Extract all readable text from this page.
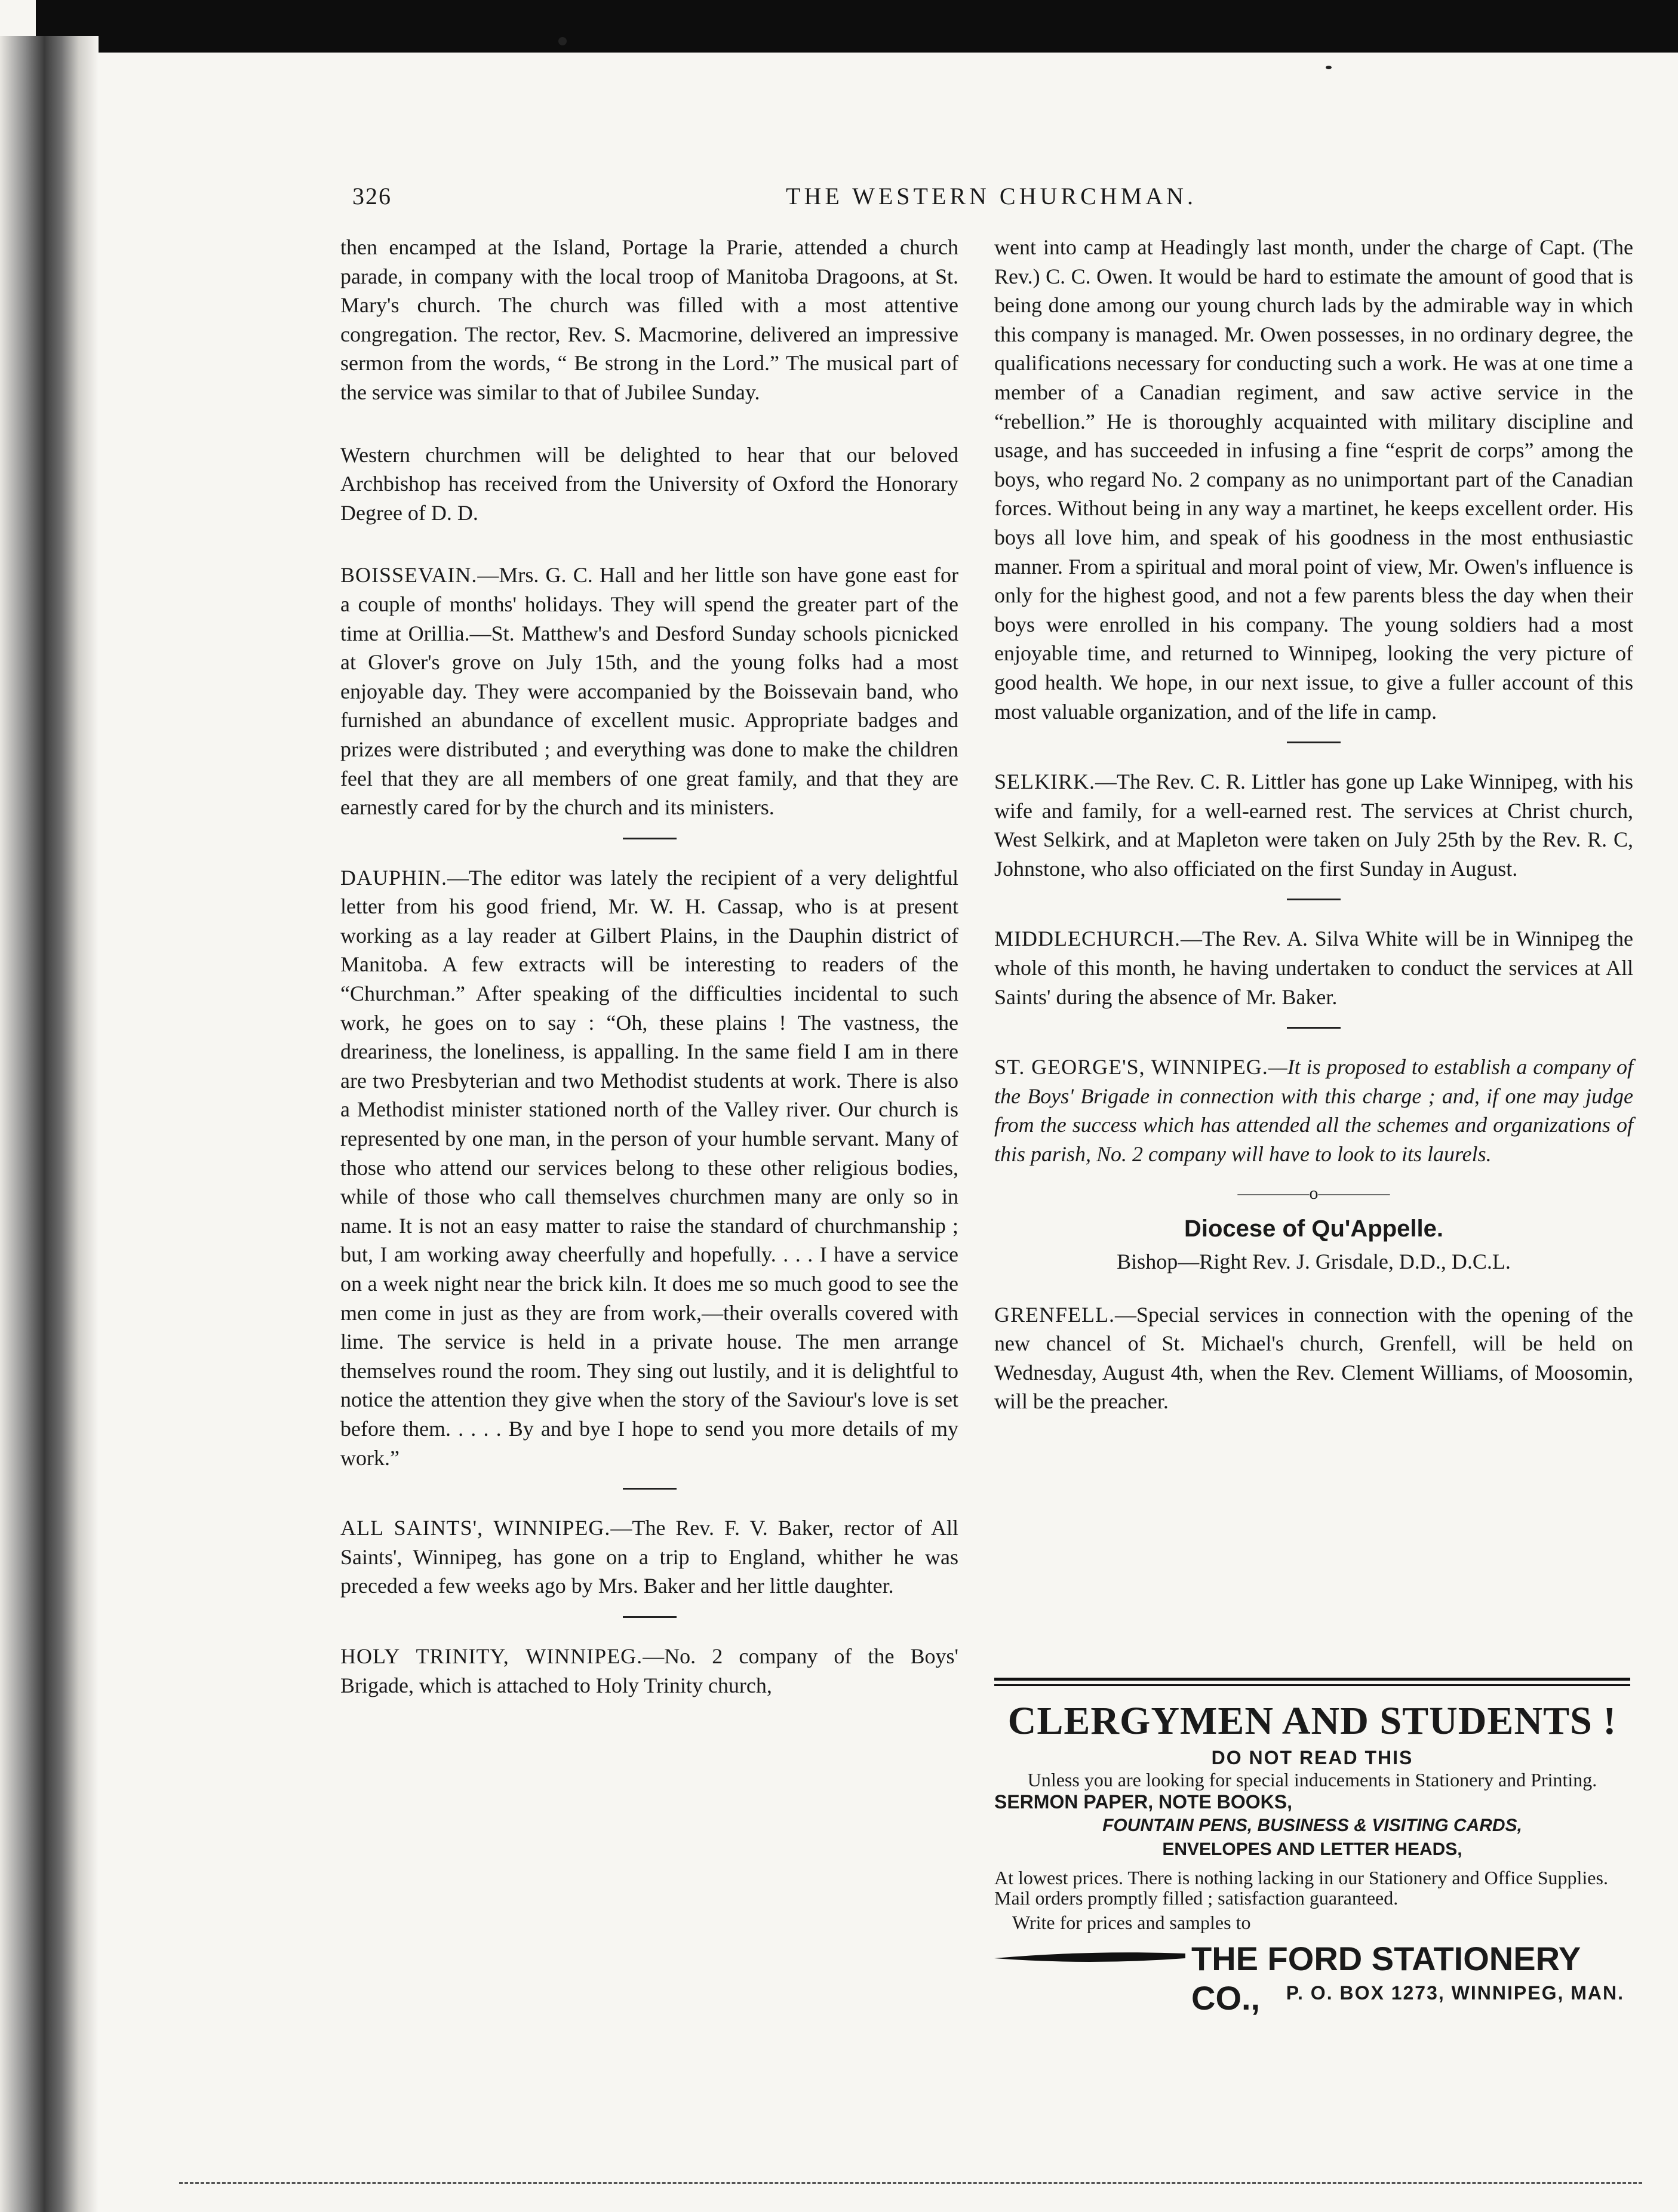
326	THE WESTERN CHURCHMAN.

then encamped at the Island, Portage la Prarie, attended a church parade, in company with the local troop of Manitoba Dragoons, at St. Mary's church. The church was filled with a most attentive congregation. The rector, Rev. S. Macmorine, delivered an impressive sermon from the words, “ Be strong in the Lord.” The musical part of the service was similar to that of Jubilee Sunday.

Western churchmen will be delighted to hear that our beloved Archbishop has received from the University of Oxford the Honorary Degree of D. D.

BOISSEVAIN.—Mrs. G. C. Hall and her little son have gone east for a couple of months' holidays. They will spend the greater part of the time at Orillia.—St. Matthew's and Desford Sunday schools picnicked at Glover's grove on July 15th, and the young folks had a most enjoyable day. They were accompanied by the Boissevain band, who furnished an abundance of excellent music. Appropriate badges and prizes were distributed ; and everything was done to make the children feel that they are all members of one great family, and that they are earnestly cared for by the church and its ministers.

DAUPHIN.—The editor was lately the recipient of a very delightful letter from his good friend, Mr. W. H. Cassap, who is at present working as a lay reader at Gilbert Plains, in the Dauphin district of Manitoba. A few extracts will be interesting to readers of the “Churchman.” After speaking of the difficulties incidental to such work, he goes on to say : “Oh, these plains ! The vastness, the dreariness, the loneliness, is appalling. In the same field I am in there are two Presbyterian and two Methodist students at work. There is also a Methodist minister stationed north of the Valley river. Our church is represented by one man, in the person of your humble servant. Many of those who attend our services belong to these other religious bodies, while of those who call themselves churchmen many are only so in name. It is not an easy matter to raise the standard of churchmanship ; but, I am working away cheerfully and hopefully. . . . I have a service on a week night near the brick kiln. It does me so much good to see the men come in just as they are from work,—their overalls covered with lime. The service is held in a private house. The men arrange themselves round the room. They sing out lustily, and it is delightful to notice the attention they give when the story of the Saviour's love is set before them. . . . . By and bye I hope to send you more details of my work.”

ALL SAINTS', WINNIPEG.—The Rev. F. V. Baker, rector of All Saints', Winnipeg, has gone on a trip to England, whither he was preceded a few weeks ago by Mrs. Baker and her little daughter.

HOLY TRINITY, WINNIPEG.—No. 2 company of the Boys' Brigade, which is attached to Holy Trinity church,

went into camp at Headingly last month, under the charge of Capt. (The Rev.) C. C. Owen. It would be hard to estimate the amount of good that is being done among our young church lads by the admirable way in which this company is managed. Mr. Owen possesses, in no ordinary degree, the qualifications necessary for conducting such a work. He was at one time a member of a Canadian regiment, and saw active service in the “rebellion.” He is thoroughly acquainted with military discipline and usage, and has succeeded in infusing a fine “esprit de corps” among the boys, who regard No. 2 company as no unimportant part of the Canadian forces. Without being in any way a martinet, he keeps excellent order. His boys all love him, and speak of his goodness in the most enthusiastic manner. From a spiritual and moral point of view, Mr. Owen's influence is only for the highest good, and not a few parents bless the day when their boys were enrolled in his company. The young soldiers had a most enjoyable time, and returned to Winnipeg, looking the very picture of good health. We hope, in our next issue, to give a fuller account of this most valuable organization, and of the life in camp.

SELKIRK.—The Rev. C. R. Littler has gone up Lake Winnipeg, with his wife and family, for a well-earned rest. The services at Christ church, West Selkirk, and at Mapleton were taken on July 25th by the Rev. R. C, Johnstone, who also officiated on the first Sunday in August.

MIDDLECHURCH.—The Rev. A. Silva White will be in Winnipeg the whole of this month, he having undertaken to conduct the services at All Saints' during the absence of Mr. Baker.

ST. GEORGE'S, WINNIPEG.—It is proposed to establish a company of the Boys' Brigade in connection with this charge ; and, if one may judge from the success which has attended all the schemes and organizations of this parish, No. 2 company will have to look to its laurels.

————o————
Diocese of Qu'Appelle.
Bishop—Right Rev. J. Grisdale, D.D., D.C.L.

GRENFELL.—Special services in connection with the opening of the new chancel of St. Michael's church, Grenfell, will be held on Wednesday, August 4th, when the Rev. Clement Williams, of Moosomin, will be the preacher.

CLERGYMEN AND STUDENTS !
DO NOT READ THIS
Unless you are looking for special inducements in Stationery and Printing.
SERMON PAPER, NOTE BOOKS,
FOUNTAIN PENS, BUSINESS & VISITING CARDS,
ENVELOPES AND LETTER HEADS,
At lowest prices. There is nothing lacking in our Stationery and Office Supplies. Mail orders promptly filled ; satisfaction guaranteed.
Write for prices and samples to
THE FORD STATIONERY CO.,	P. O. BOX 1273, WINNIPEG, MAN.
